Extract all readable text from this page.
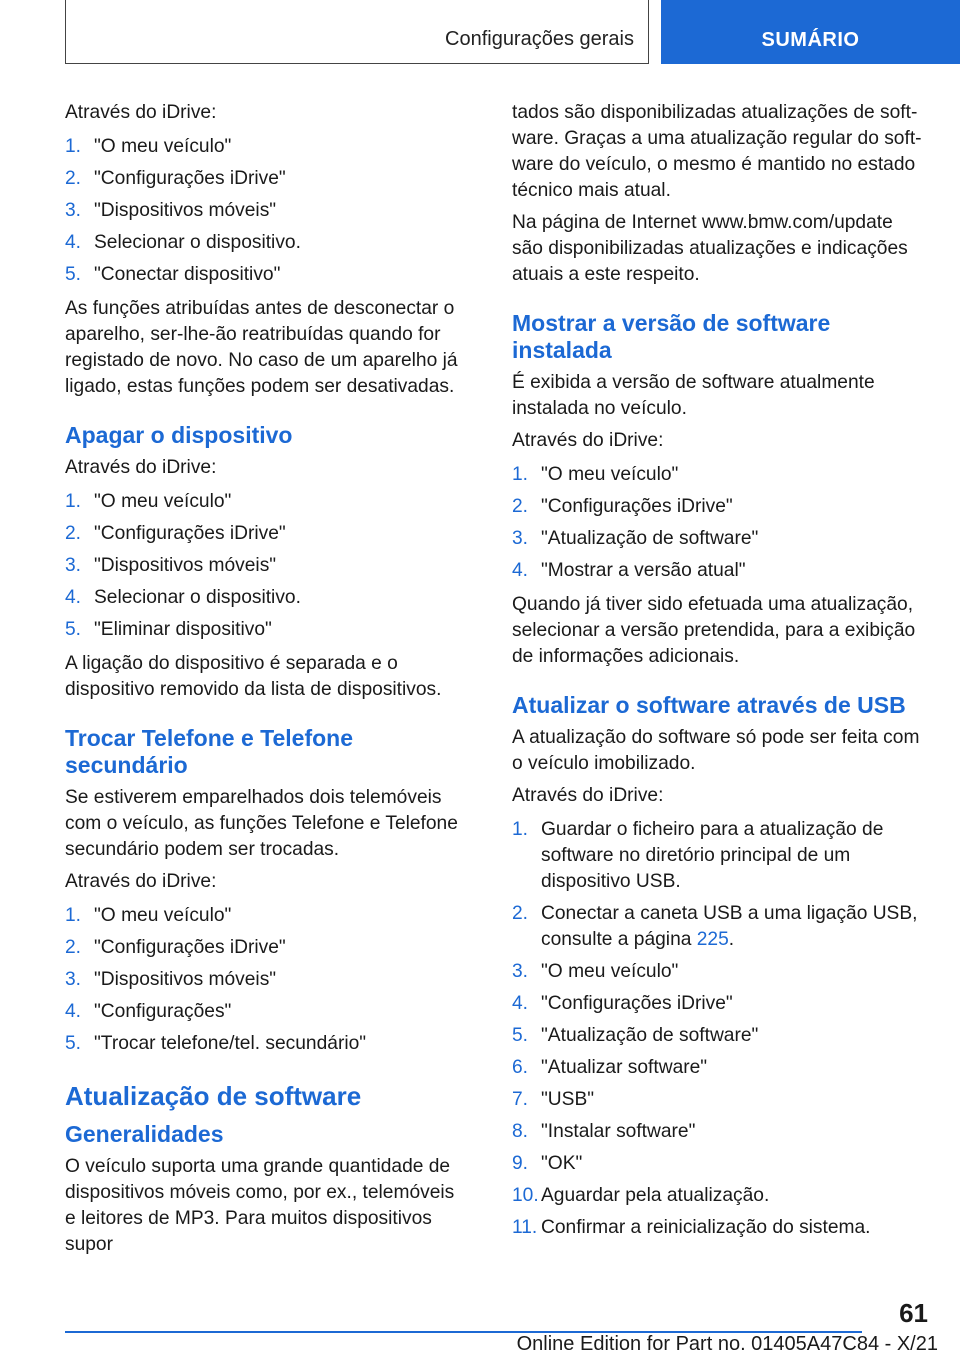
Configurações gerais	SUMÁRIO

Através do iDrive:

1. "O meu veículo"
2. "Configurações iDrive"
3. "Dispositivos móveis"
4. Selecionar o dispositivo.
5. "Conectar dispositivo"

As funções atribuídas antes de desconectar o aparelho, ser-lhe-ão reatribuídas quando for registado de novo. No caso de um aparelho já ligado, estas funções podem ser desativadas.

Apagar o dispositivo

Através do iDrive:

1. "O meu veículo"
2. "Configurações iDrive"
3. "Dispositivos móveis"
4. Selecionar o dispositivo.
5. "Eliminar dispositivo"

A ligação do dispositivo é separada e o dispositivo removido da lista de dispositivos.

Trocar Telefone e Telefone secundário

Se estiverem emparelhados dois telemóveis com o veículo, as funções Telefone e Telefone secundário podem ser trocadas.

Através do iDrive:

1. "O meu veículo"
2. "Configurações iDrive"
3. "Dispositivos móveis"
4. "Configurações"
5. "Trocar telefone/tel. secundário"
Atualização de software
Generalidades

O veículo suporta uma grande quantidade de dispositivos móveis como, por ex., telemóveis e leitores de MP3. Para muitos dispositivos supor

tados são disponibilizadas atualizações de software. Graças a uma atualização regular do software do veículo, o mesmo é mantido no estado técnico mais atual.

Na página de Internet www.bmw.com/update são disponibilizadas atualizações e indicações atuais a este respeito.

Mostrar a versão de software instalada

É exibida a versão de software atualmente instalada no veículo.

Através do iDrive:

1. "O meu veículo"
2. "Configurações iDrive"
3. "Atualização de software"
4. "Mostrar a versão atual"

Quando já tiver sido efetuada uma atualização, selecionar a versão pretendida, para a exibição de informações adicionais.

Atualizar o software através de USB

A atualização do software só pode ser feita com o veículo imobilizado.

Através do iDrive:

1. Guardar o ficheiro para a atualização de software no diretório principal de um dispositivo USB.
2. Conectar a caneta USB a uma ligação USB, consulte a página 225.
3. "O meu veículo"
4. "Configurações iDrive"
5. "Atualização de software"
6. "Atualizar software"
7. "USB"
8. "Instalar software"
9. "OK"
10. Aguardar pela atualização.
11. Confirmar a reinicialização do sistema.
61
Online Edition for Part no. 01405A47C84 - X/21
